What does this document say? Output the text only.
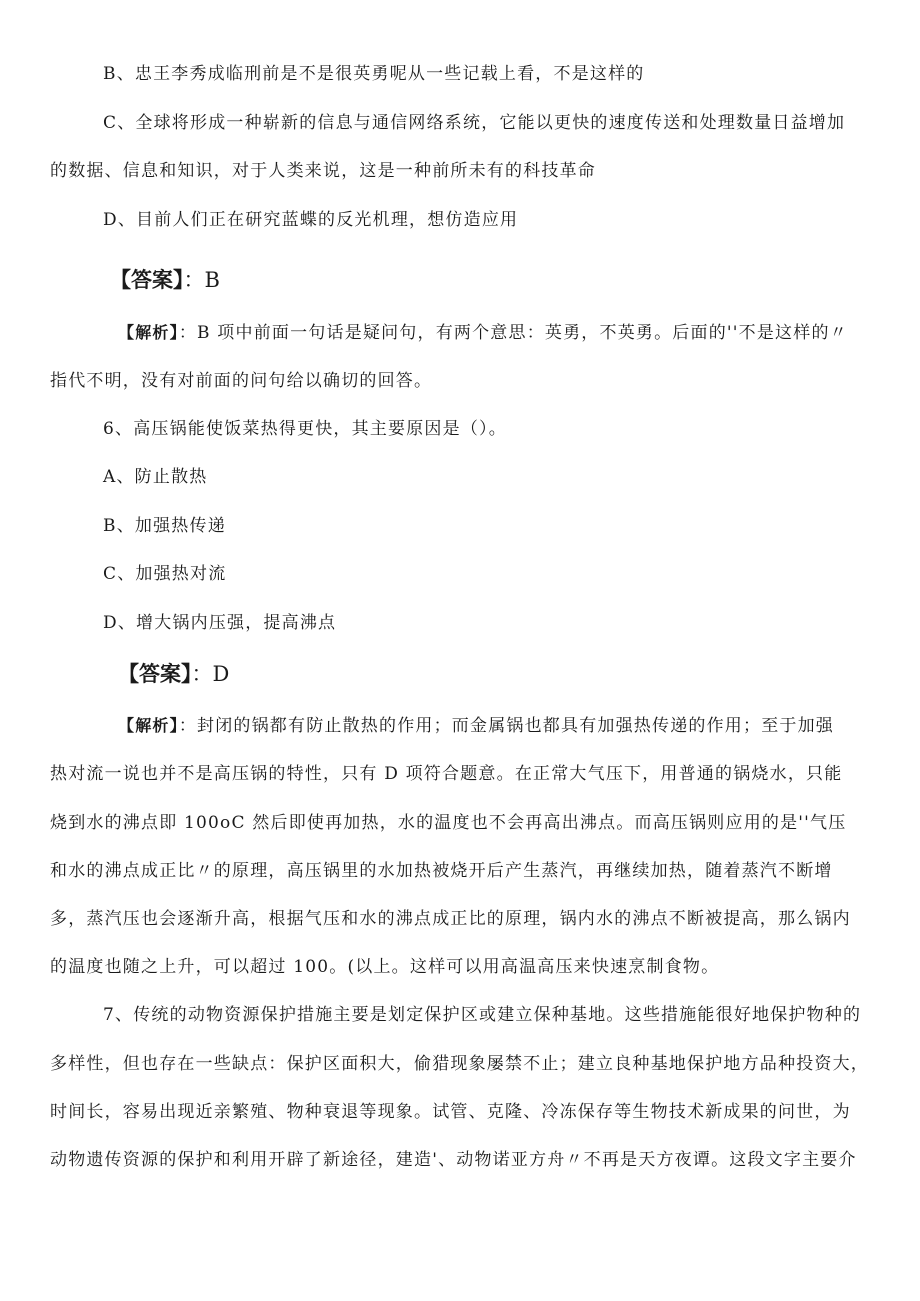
B、忠王李秀成临刑前是不是很英勇呢从一些记载上看，不是这样的
C、全球将形成一种崭新的信息与通信网络系统，它能以更快的速度传送和处理数量日益增加
的数据、信息和知识，对于人类来说，这是一种前所未有的科技革命
D、目前人们正在研究蓝蝶的反光机理，想仿造应用
【答案】：B
【解析】：B 项中前面一句话是疑问句，有两个意思：英勇，不英勇。后面的''不是这样的〃
指代不明，没有对前面的问句给以确切的回答。
6、高压锅能使饭菜热得更快，其主要原因是（）。
A、防止散热
B、加强热传递
C、加强热对流
D、增大锅内压强，提高沸点
【答案】：D
【解析】：封闭的锅都有防止散热的作用；而金属锅也都具有加强热传递的作用；至于加强
热对流一说也并不是高压锅的特性，只有 D 项符合题意。在正常大气压下，用普通的锅烧水，只能
烧到水的沸点即 100oC 然后即使再加热，水的温度也不会再高出沸点。而高压锅则应用的是''气压
和水的沸点成正比〃的原理，高压锅里的水加热被烧开后产生蒸汽，再继续加热，随着蒸汽不断增
多，蒸汽压也会逐渐升高，根据气压和水的沸点成正比的原理，锅内水的沸点不断被提高，那么锅内
的温度也随之上升，可以超过 100。(以上。这样可以用高温高压来快速烹制食物。
7、传统的动物资源保护措施主要是划定保护区或建立保种基地。这些措施能很好地保护物种的
多样性，但也存在一些缺点：保护区面积大，偷猎现象屡禁不止；建立良种基地保护地方品种投资大，
时间长，容易出现近亲繁殖、物种衰退等现象。试管、克隆、冷冻保存等生物技术新成果的问世，为
动物遗传资源的保护和利用开辟了新途径，建造'、动物诺亚方舟〃不再是天方夜谭。这段文字主要介
